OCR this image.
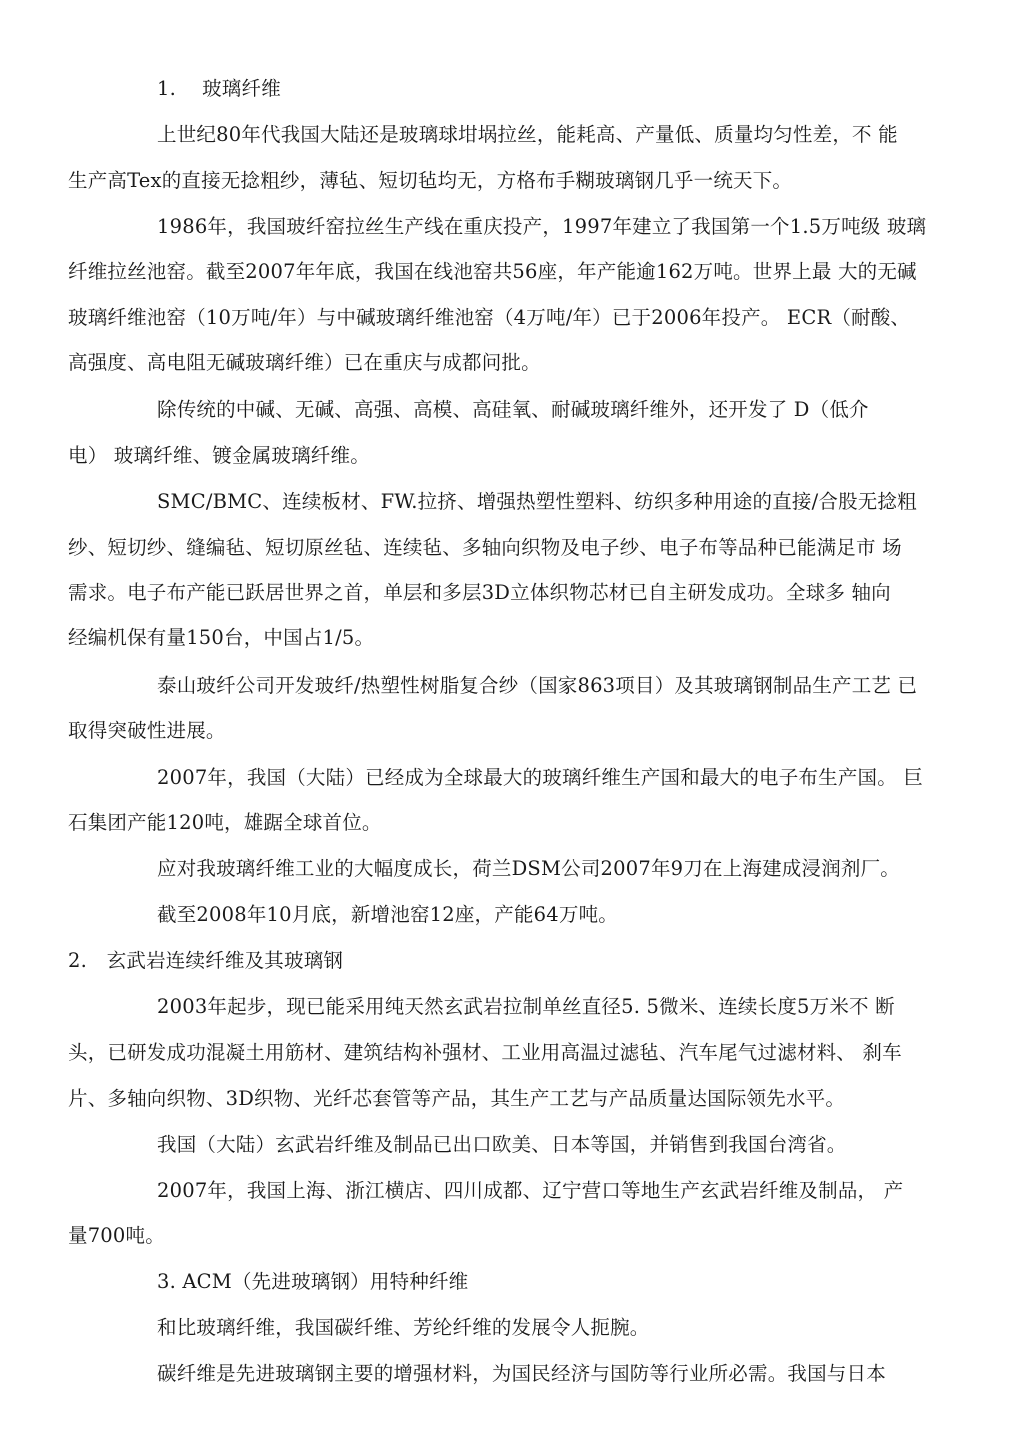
1.　 玻璃纤维

上世纪80年代我国大陆还是玻璃球坩埚拉丝，能耗高、产量低、质量均匀性差，不 能

生产高Tex的直接无捻粗纱，薄毡、短切毡均无，方格布手糊玻璃钢几乎一统天下。

1986年，我国玻纤窑拉丝生产线在重庆投产，1997年建立了我国第一个1.5万吨级 玻璃

纤维拉丝池窑。截至2007年年底，我国在线池窑共56座，年产能逾162万吨。世界上最 大的无碱

玻璃纤维池窑（10万吨/年）与中碱玻璃纤维池窑（4万吨/年）已于2006年投产。 ECR（耐酸、

高强度、高电阻无碱玻璃纤维）已在重庆与成都问批。

除传统的中碱、无碱、高强、高模、高硅氧、耐碱玻璃纤维外，还开发了 D（低介

电） 玻璃纤维、镀金属玻璃纤维。

SMC/BMC、连续板材、FW.拉挤、增强热塑性塑料、纺织多种用途的直接/合股无捻粗

纱、短切纱、缝编毡、短切原丝毡、连续毡、多轴向织物及电子纱、电子布等品种已能满足市 场

需求。电子布产能已跃居世界之首，单层和多层3D立体织物芯材已自主研发成功。全球多 轴向

经编机保有量150台，中国占1/5。

泰山玻纤公司开发玻纤/热塑性树脂复合纱（国家863项目）及其玻璃钢制品生产工艺 已

取得突破性进展。

2007年，我国（大陆）已经成为全球最大的玻璃纤维生产国和最大的电子布生产国。 巨

石集团产能120吨，雄踞全球首位。

应对我玻璃纤维工业的大幅度成长，荷兰DSM公司2007年9刀在上海建成浸润剂厂。

截至2008年10月底，新增池窑12座，产能64万吨。

2.　玄武岩连续纤维及其玻璃钢

2003年起步，现已能采用纯天然玄武岩拉制单丝直径5. 5微米、连续长度5万米不 断

头，已研发成功混凝土用筋材、建筑结构补强材、工业用高温过滤毡、汽车尾气过滤材料、 刹车

片、多轴向织物、3D织物、光纤芯套管等产品，其生产工艺与产品质量达国际领先水平。

我国（大陆）玄武岩纤维及制品已出口欧美、日本等国，并销售到我国台湾省。

2007年，我国上海、浙江横店、四川成都、辽宁营口等地生产玄武岩纤维及制品， 产

量700吨。

3. ACM（先进玻璃钢）用特种纤维

和比玻璃纤维，我国碳纤维、芳纶纤维的发展令人扼腕。

碳纤维是先进玻璃钢主要的增强材料，为国民经济与国防等行业所必需。我国与日本
